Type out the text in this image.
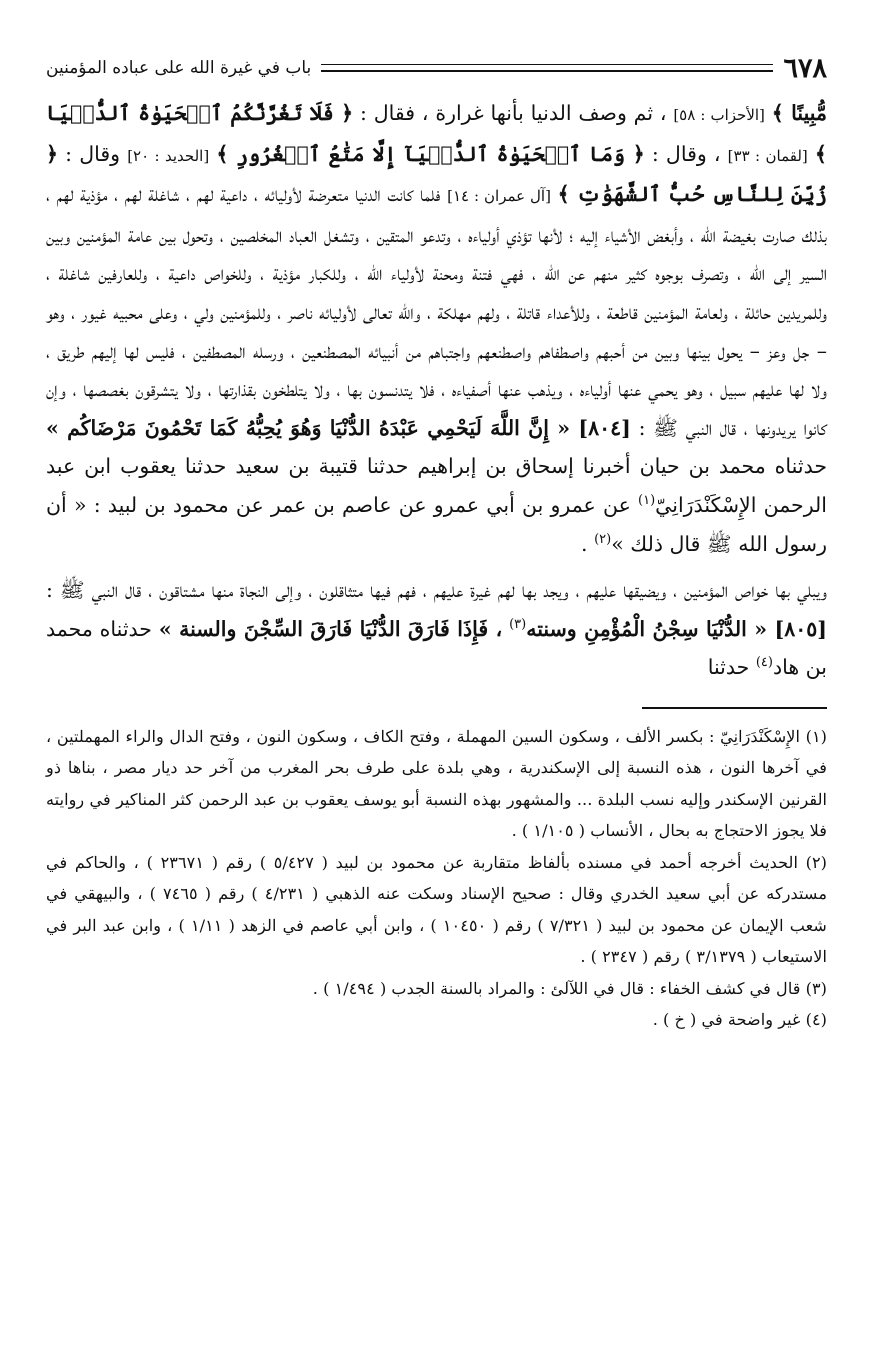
٦٧٨
باب في غيرة الله على عباده المؤمنين

مُّبِينًا ﴾ [الأحزاب : ٥٨] ، ثم وصف الدنيا بأنها غرارة ، فقال : ﴿ فَلَا تَغُرَّنَّكُمُ ٱلۡحَيَوٰةُ ٱلدُّنۡيَا ﴾ [لقمان : ٣٣] ، وقال : ﴿ وَمَا ٱلۡحَيَوٰةُ ٱلدُّنۡيَآ إِلَّا مَتَٰعُ ٱلۡغُرُورِ ﴾ [الحديد : ٢٠] وقال : ﴿ زُيِّنَ لِلنَّاسِ حُبُّ ٱلشَّهَوَٰتِ ﴾ [آل عمران : ١٤] فلما كانت الدنيا متعرضة لأوليائه ، داعية لهم ، شاغلة لهم ، مؤذية لهم ، بذلك صارت بغيضة الله ، وأبغض الأشياء إليه ؛ لأنها تؤذي أولياءه ، وتدعو المتقين ، وتشغل العباد المخلصين ، وتحول بين عامة المؤمنين وبين السير إلى الله ، وتصرف بوجوه كثير منهم عن الله ، فهي فتنة ومحنة لأولياء الله ، وللكبار مؤذية ، وللخواص داعية ، وللعارفين شاغلة ، وللمريدين حائلة ، ولعامة المؤمنين قاطعة ، وللأعداء قاتلة ، ولهم مهلكة ، والله تعالى لأوليائه ناصر ، وللمؤمنين ولي ، وعلى محبيه غيور ، وهو – جل وعز – يحول بينها وبين من أحبهم واصطفاهم واصطنعهم واجتباهم من أنبيائه المصطنعين ، ورسله المصطفين ، فليس لها إليهم طريق ، ولا لها عليهم سبيل ، وهو يحمي عنها أولياءه ، ويذهب عنها أصفياءه ، فلا يتدنسون بها ، ولا يتلطخون بقذارتها ، ولا يتشرقون بغصصها ، وإن كانوا يريدونها ، قال النبي ﷺ : [٨٠٤] « إِنَّ اللَّهَ لَيَحْمِي عَبْدَهُ الدُّنْيَا وَهُوَ يُحِبُّهُ كَمَا تَحْمُونَ مَرْضَاكُم » حدثناه محمد بن حيان أخبرنا إسحاق بن إبراهيم حدثنا قتيبة بن سعيد حدثنا يعقوب ابن عبد الرحمن الإِسْكَنْدَرَانِيّ$^{(١)}$ عن عمرو بن أبي عمرو عن عاصم بن عمر عن محمود بن لبيد : « أن رسول الله ﷺ قال ذلك »$^{(٢)}$ .

ويبلي بها خواص المؤمنين ، ويضيقها عليهم ، ويجد بها لهم غيرة عليهم ، فهم فيها متثاقلون ، وإلى النجاة منها مشتاقون ، قال النبي ﷺ : [٨٠٥] « الدُّنْيَا سِجْنُ الْمُؤْمِنِ وسنته$^{(٣)}$ ، فَإِذَا فَارَقَ الدُّنْيَا فَارَقَ السِّجْنَ والسنة » حدثناه محمد بن هاد$^{(٤)}$ حدثنا

(١) الإِسْكَنْدَرَانِيّ : بكسر الألف ، وسكون السين المهملة ، وفتح الكاف ، وسكون النون ، وفتح الدال والراء المهملتين ، في آخرها النون ، هذه النسبة إلى الإسكندرية ، وهي بلدة على طرف بحر المغرب من آخر حد ديار مصر ، بناها ذو القرنين الإسكندر وإليه نسب البلدة ... والمشهور بهذه النسبة أبو يوسف يعقوب بن عبد الرحمن كثر المناكير في روايته فلا يجوز الاحتجاج به بحال ، الأنساب ( ١/١٠٥ ) .

(٢) الحديث أخرجه أحمد في مسنده بألفاظ متقاربة عن محمود بن لبيد ( ٥/٤٢٧ ) رقم ( ٢٣٦٧١ ) ، والحاكم في مستدركه عن أبي سعيد الخدري وقال : صحيح الإسناد وسكت عنه الذهبي ( ٤/٢٣١ ) رقم ( ٧٤٦٥ ) ، والبيهقي في شعب الإيمان عن محمود بن لبيد ( ٧/٣٢١ ) رقم ( ١٠٤٥٠ ) ، وابن أبي عاصم في الزهد ( ١/١١ ) ، وابن عبد البر في الاستيعاب ( ٣/١٣٧٩ ) رقم ( ٢٣٤٧ ) .

(٣) قال في كشف الخفاء : قال في اللآلئ : والمراد بالسنة الجدب ( ١/٤٩٤ ) .

(٤) غير واضحة في ( خ ) .
